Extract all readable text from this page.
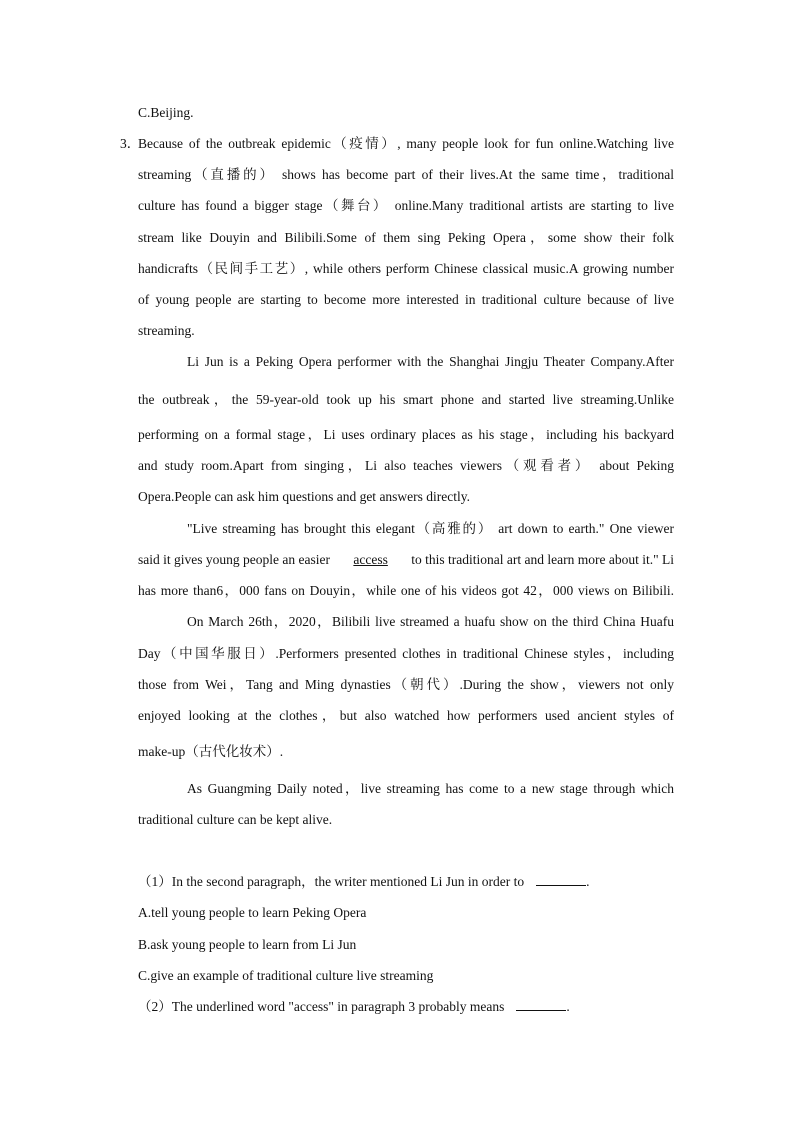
C.Beijing.
3．
Because of the outbreak epidemic（疫情）, many people look for fun online.Watching live
streaming（直播的） shows has become part of their lives.At the same time，traditional
culture has found a bigger stage（舞台） online.Many traditional artists are starting to live
stream like Douyin and Bilibili.Some of them sing Peking Opera，some show their folk
handicrafts（民间手工艺）, while others perform Chinese classical music.A growing number
of young people are starting to become more interested in traditional culture because of live
streaming.
Li Jun is a Peking Opera performer with the Shanghai Jingju Theater Company.After
the outbreak，the 59-year-old took up his smart phone and started live streaming.Unlike
performing on a formal stage，Li uses ordinary places as his stage，including his backyard
and study room.Apart from singing，Li also teaches viewers（观看者） about Peking
Opera.People can ask him questions and get answers directly.
"Live streaming has brought this elegant（高雅的） art down to earth." One viewer
said it gives young people an easier access to this traditional art and learn more about it." Li
has more than6，000 fans on Douyin，while one of his videos got 42，000 views on Bilibili.
On March 26th，2020，Bilibili live streamed a huafu show on the third China Huafu
Day（中国华服日）.Performers presented clothes in traditional Chinese styles，including
those from Wei，Tang and Ming dynasties（朝代）.During the show，viewers not only
enjoyed looking at the clothes，but also watched how performers used ancient styles of
make-up（古代化妆术）.
As Guangming Daily noted，live streaming has come to a new stage through which
traditional culture can be kept alive.
（1）In the second paragraph，the writer mentioned Li Jun in order to	.
A.tell young people to learn Peking Opera
B.ask young people to learn from Li Jun
C.give an example of traditional culture live streaming
（2）The underlined word "access" in paragraph 3 probably means	.
